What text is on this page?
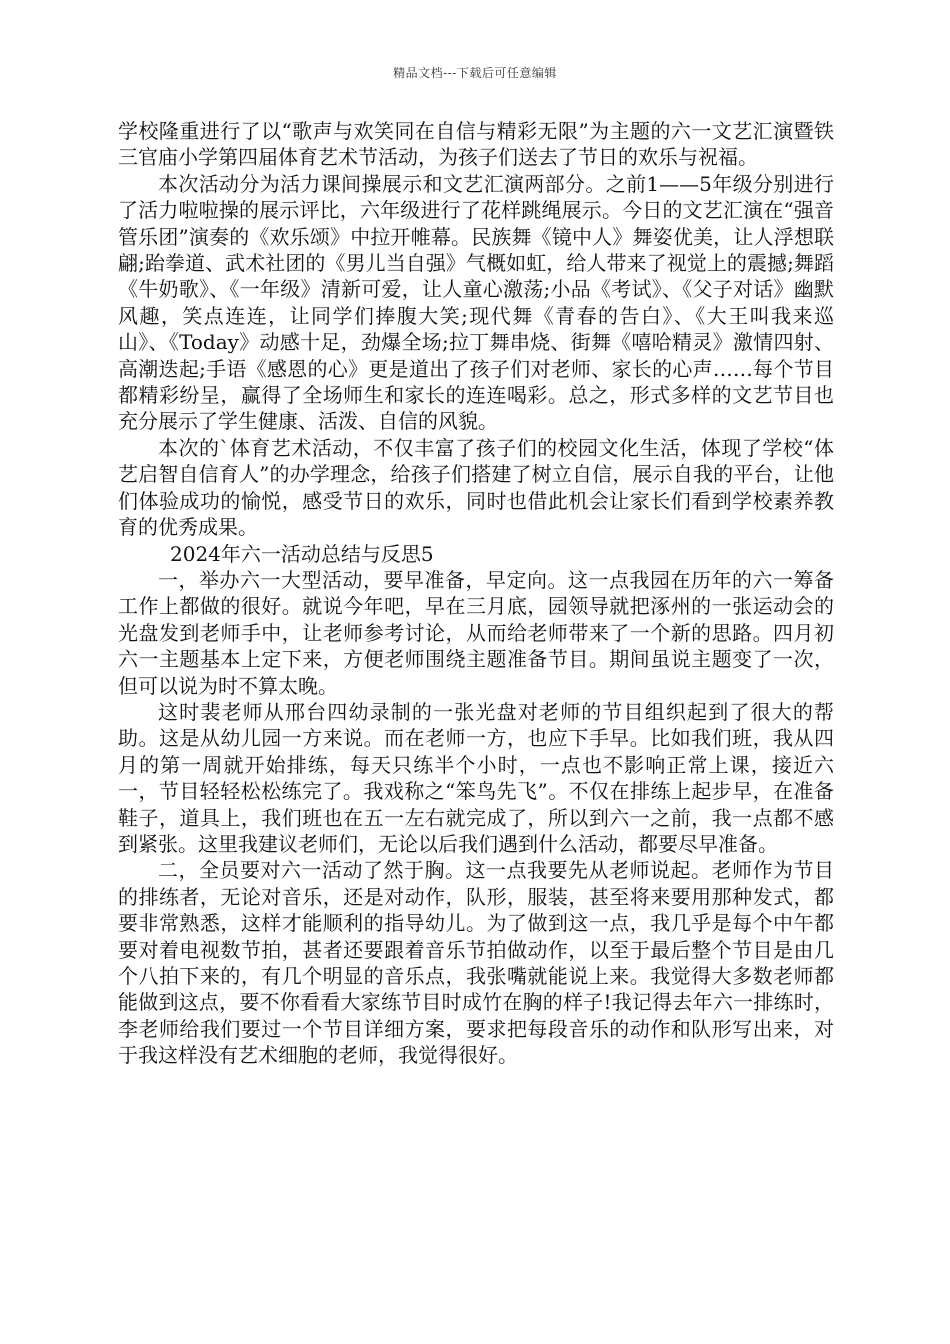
精品文档---下载后可任意编辑

学校隆重进行了以“歌声与欢笑同在自信与精彩无限”为主题的六一文艺汇演暨铁三官庙小学第四届体育艺术节活动，为孩子们送去了节日的欢乐与祝福。

本次活动分为活力课间操展示和文艺汇演两部分。之前1——5年级分别进行了活力啦啦操的展示评比，六年级进行了花样跳绳展示。今日的文艺汇演在“强音管乐团”演奏的《欢乐颂》中拉开帷幕。民族舞《镜中人》舞姿优美，让人浮想联翩;跆拳道、武术社团的《男儿当自强》气概如虹，给人带来了视觉上的震撼;舞蹈《牛奶歌》、《一年级》清新可爱，让人童心激荡;小品《考试》、《父子对话》幽默风趣，笑点连连，让同学们捧腹大笑;现代舞《青春的告白》、《大王叫我来巡山》、《Today》动感十足，劲爆全场;拉丁舞串烧、街舞《嘻哈精灵》激情四射、高潮迭起;手语《感恩的心》更是道出了孩子们对老师、家长的心声……每个节目都精彩纷呈，赢得了全场师生和家长的连连喝彩。总之，形式多样的文艺节目也充分展示了学生健康、活泼、自信的风貌。

本次的`体育艺术活动，不仅丰富了孩子们的校园文化生活，体现了学校“体艺启智自信育人”的办学理念，给孩子们搭建了树立自信，展示自我的平台，让他们体验成功的愉悦，感受节日的欢乐，同时也借此机会让家长们看到学校素养教育的优秀成果。

2024年六一活动总结与反思5

一，举办六一大型活动，要早准备，早定向。这一点我园在历年的六一筹备工作上都做的很好。就说今年吧，早在三月底，园领导就把涿州的一张运动会的光盘发到老师手中，让老师参考讨论，从而给老师带来了一个新的思路。四月初六一主题基本上定下来，方便老师围绕主题准备节目。期间虽说主题变了一次，但可以说为时不算太晚。

这时裴老师从邢台四幼录制的一张光盘对老师的节目组织起到了很大的帮助。这是从幼儿园一方来说。而在老师一方，也应下手早。比如我们班，我从四月的第一周就开始排练，每天只练半个小时，一点也不影响正常上课，接近六一，节目轻轻松松练完了。我戏称之“笨鸟先飞”。不仅在排练上起步早，在准备鞋子，道具上，我们班也在五一左右就完成了，所以到六一之前，我一点都不感到紧张。这里我建议老师们，无论以后我们遇到什么活动，都要尽早准备。

二，全员要对六一活动了然于胸。这一点我要先从老师说起。老师作为节目的排练者，无论对音乐，还是对动作，队形，服装，甚至将来要用那种发式，都要非常熟悉，这样才能顺利的指导幼儿。为了做到这一点，我几乎是每个中午都要对着电视数节拍，甚者还要跟着音乐节拍做动作，以至于最后整个节目是由几个八拍下来的，有几个明显的音乐点，我张嘴就能说上来。我觉得大多数老师都能做到这点，要不你看看大家练节目时成竹在胸的样子!我记得去年六一排练时，李老师给我们要过一个节目详细方案，要求把每段音乐的动作和队形写出来，对于我这样没有艺术细胞的老师，我觉得很好。
